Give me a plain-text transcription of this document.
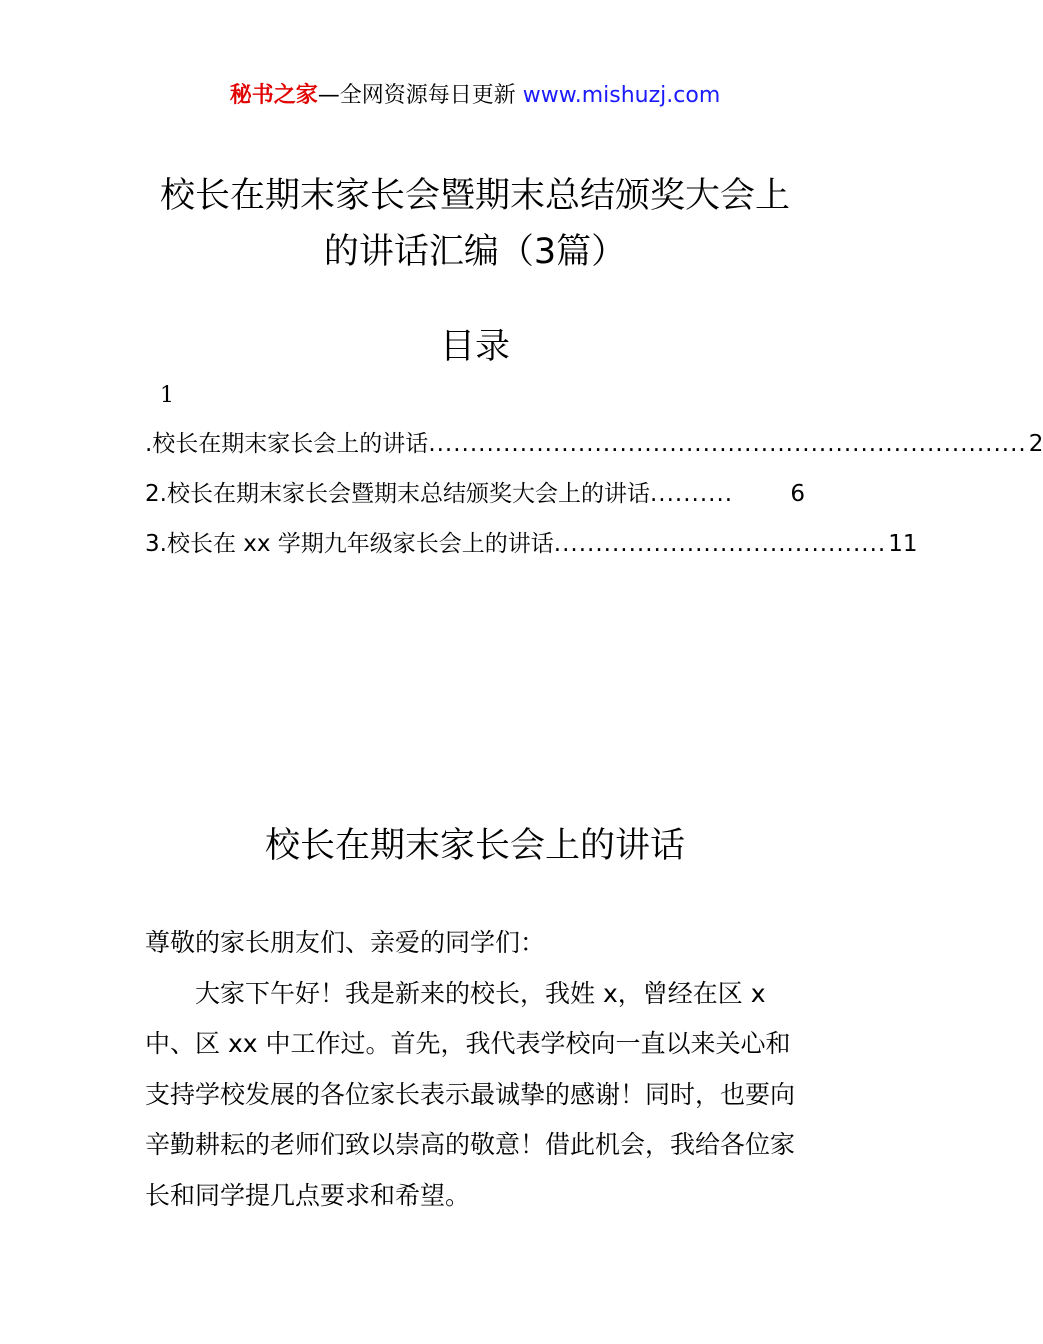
秘书之家—全网资源每日更新 www.mishuzj.com
校长在期末家长会暨期末总结颁奖大会上
的讲话汇编（3篇）
目录
1
.校长在期末家长会上的讲话 ........................................................................ 2
2.校长在期末家长会暨期末总结颁奖大会上的讲话 ..........	6
3.校长在 xx 学期九年级家长会上的讲话 ........................................ 11
校长在期末家长会上的讲话

尊敬的家长朋友们、亲爱的同学们：

大家下午好！我是新来的校长，我姓 x，曾经在区 x 中、区 xx 中工作过。首先，我代表学校向一直以来关心和支持学校发展的各位家长表示最诚挚的感谢！同时，也要向辛勤耕耘的老师们致以崇高的敬意！借此机会，我给各位家长和同学提几点要求和希望。
